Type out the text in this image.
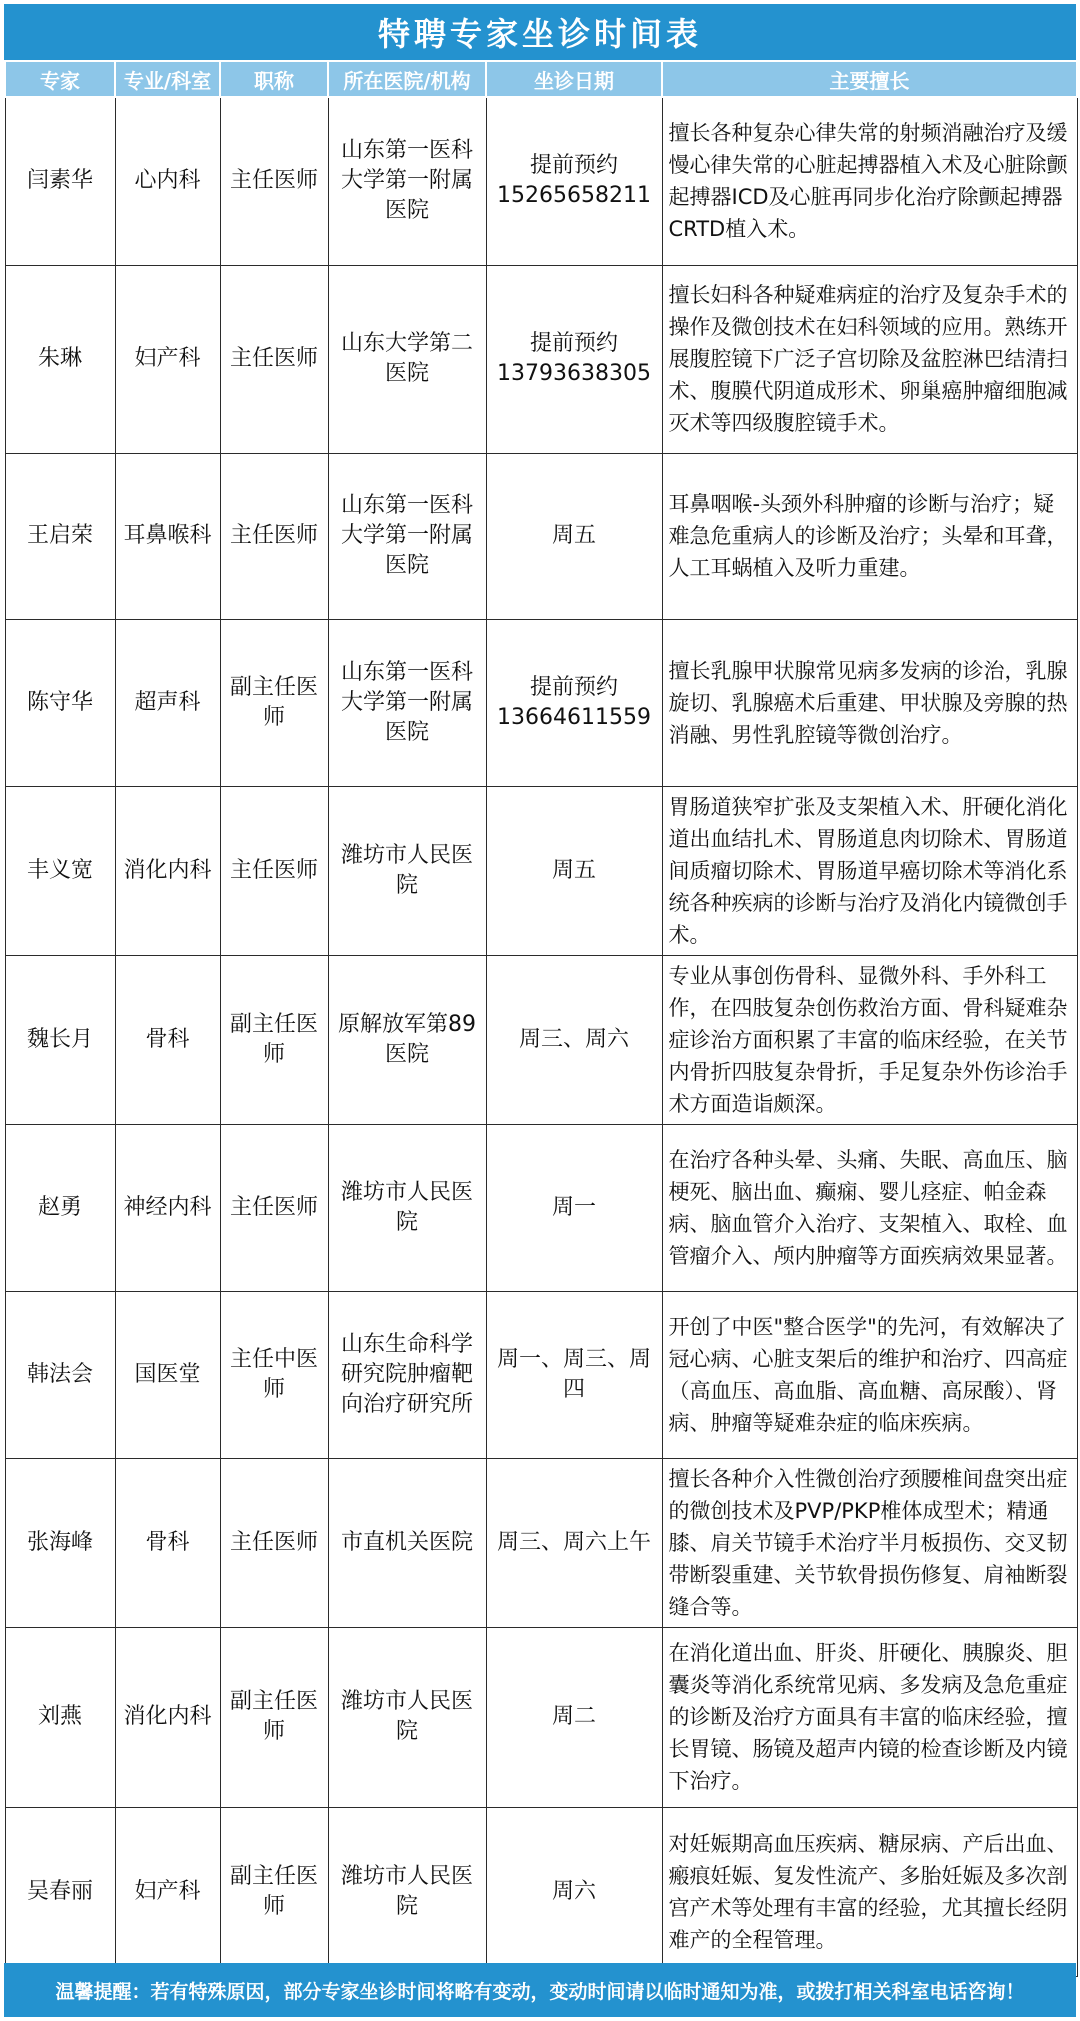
特聘专家坐诊时间表
专家	专业/科室	职称	所在医院/机构	坐诊日期	主要擅长
闫素华	心内科	主任医师	山东第一医科大学第一附属医院	提前预约 15265658211	擅长各种复杂心律失常的射频消融治疗及缓慢心律失常的心脏起搏器植入术及心脏除颤起搏器ICD及心脏再同步化治疗除颤起搏器CRTD植入术。
朱琳	妇产科	主任医师	山东大学第二医院	提前预约 13793638305	擅长妇科各种疑难病症的治疗及复杂手术的操作及微创技术在妇科领域的应用。熟练开展腹腔镜下广泛子宫切除及盆腔淋巴结清扫术、腹膜代阴道成形术、卵巢癌肿瘤细胞减灭术等四级腹腔镜手术。
王启荣	耳鼻喉科	主任医师	山东第一医科大学第一附属医院	周五	耳鼻咽喉-头颈外科肿瘤的诊断与治疗；疑难急危重病人的诊断及治疗；头晕和耳聋，人工耳蜗植入及听力重建。
陈守华	超声科	副主任医师	山东第一医科大学第一附属医院	提前预约 13664611559	擅长乳腺甲状腺常见病多发病的诊治，乳腺旋切、乳腺癌术后重建、甲状腺及旁腺的热消融、男性乳腔镜等微创治疗。
丰义宽	消化内科	主任医师	潍坊市人民医院	周五	胃肠道狭窄扩张及支架植入术、肝硬化消化道出血结扎术、胃肠道息肉切除术、胃肠道间质瘤切除术、胃肠道早癌切除术等消化系统各种疾病的诊断与治疗及消化内镜微创手术。
魏长月	骨科	副主任医师	原解放军第89医院	周三、周六	专业从事创伤骨科、显微外科、手外科工作，在四肢复杂创伤救治方面、骨科疑难杂症诊治方面积累了丰富的临床经验，在关节内骨折四肢复杂骨折，手足复杂外伤诊治手术方面造诣颇深。
赵勇	神经内科	主任医师	潍坊市人民医院	周一	在治疗各种头晕、头痛、失眠、高血压、脑梗死、脑出血、癫痫、婴儿痉症、帕金森病、脑血管介入治疗、支架植入、取栓、血管瘤介入、颅内肿瘤等方面疾病效果显著。
韩法会	国医堂	主任中医师	山东生命科学研究院肿瘤靶向治疗研究所	周一、周三、周四	开创了中医"整合医学"的先河，有效解决了冠心病、心脏支架后的维护和治疗、四高症（高血压、高血脂、高血糖、高尿酸）、肾病、肿瘤等疑难杂症的临床疾病。
张海峰	骨科	主任医师	市直机关医院	周三、周六上午	擅长各种介入性微创治疗颈腰椎间盘突出症的微创技术及PVP/PKP椎体成型术；精通膝、肩关节镜手术治疗半月板损伤、交叉韧带断裂重建、关节软骨损伤修复、肩袖断裂缝合等。
刘燕	消化内科	副主任医师	潍坊市人民医院	周二	在消化道出血、肝炎、肝硬化、胰腺炎、胆囊炎等消化系统常见病、多发病及急危重症的诊断及治疗方面具有丰富的临床经验，擅长胃镜、肠镜及超声内镜的检查诊断及内镜下治疗。
吴春丽	妇产科	副主任医师	潍坊市人民医院	周六	对妊娠期高血压疾病、糖尿病、产后出血、瘢痕妊娠、复发性流产、多胎妊娠及多次剖宫产术等处理有丰富的经验，尤其擅长经阴难产的全程管理。
温馨提醒：若有特殊原因，部分专家坐诊时间将略有变动，变动时间请以临时通知为准，或拨打相关科室电话咨询！
